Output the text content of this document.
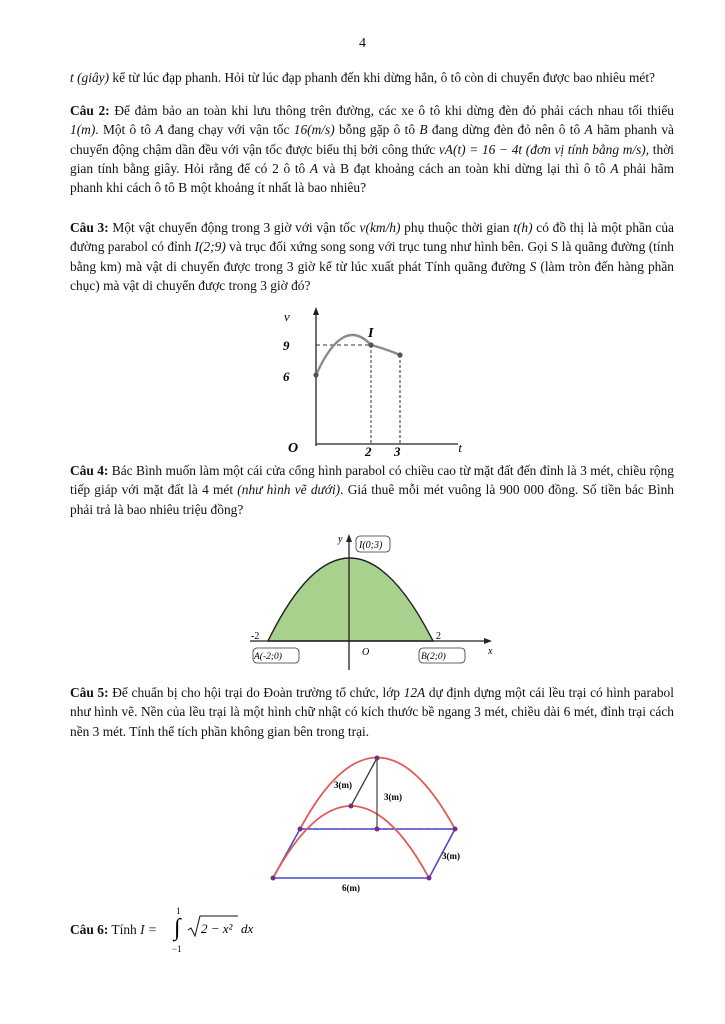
4
t (giây) kể từ lúc đạp phanh. Hỏi từ lúc đạp phanh đến khi dừng hẳn, ô tô còn di chuyển được bao nhiêu mét?
Câu 2: Để đảm bảo an toàn khi lưu thông trên đường, các xe ô tô khi dừng đèn đỏ phải cách nhau tối thiểu 1(m). Một ô tô A đang chạy với vận tốc 16(m/s) bỗng gặp ô tô B đang dừng đèn đỏ nên ô tô A hãm phanh và chuyển động chậm dần đều với vận tốc được biểu thị bởi công thức vA(t) = 16 − 4t (đơn vị tính bằng m/s), thời gian tính bằng giây. Hỏi rằng để có 2 ô tô A và B đạt khoảng cách an toàn khi dừng lại thì ô tô A phải hãm phanh khi cách ô tô B một khoảng ít nhất là bao nhiêu?
Câu 3: Một vật chuyển động trong 3 giờ với vận tốc v(km/h) phụ thuộc thời gian t(h) có đồ thị là một phần của đường parabol có đỉnh I(2;9) và trục đối xứng song song với trục tung như hình bên. Gọi S là quãng đường (tính bằng km) mà vật di chuyển được trong 3 giờ kể từ lúc xuất phát Tính quãng đường S (làm tròn đến hàng phần chục) mà vật di chuyển được trong 3 giờ đó?
v
t
O
9
6
I
2 3
Câu 4: Bác Bình muốn làm một cái cửa cổng hình parabol có chiều cao từ mặt đất đến đỉnh là 3 mét, chiều rộng tiếp giáp với mặt đất là 4 mét (như hình vẽ dưới). Giá thuê mỗi mét vuông là 900 000 đồng. Số tiền bác Bình phải trả là bao nhiêu triệu đồng?
y
x
I(0;3)
O
-2	2
A(-2;0)	B(2;0)
Câu 5: Để chuẩn bị cho hội trại do Đoàn trường tổ chức, lớp 12A dự định dựng một cái lều trại có hình parabol như hình vẽ. Nền của lều trại là một hình chữ nhật có kích thước bề ngang 3 mét, chiều dài 6 mét, đỉnh trại cách nền 3 mét. Tính thể tích phần không gian bên trong trại.
3(m)
3(m)
3(m)
6(m)
Câu 6: Tính I =
1
∫
−1
2 − x² dx
